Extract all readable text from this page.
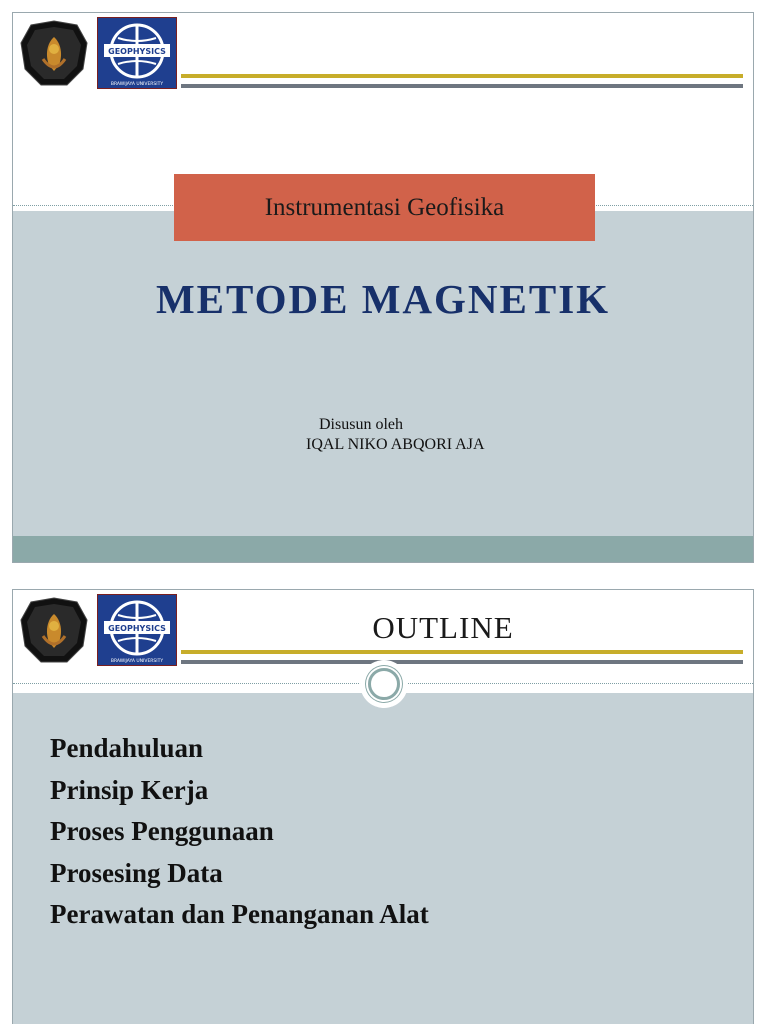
GEOPHYSICS
BRAWIJAYA UNIVERSITY
Instrumentasi Geofisika
METODE MAGNETIK
Disusun oleh
IQAL NIKO ABQORI AJA
GEOPHYSICS
BRAWIJAYA UNIVERSITY
OUTLINE
Pendahuluan
Prinsip Kerja
Proses Penggunaan
Prosesing Data
Perawatan dan Penanganan Alat
